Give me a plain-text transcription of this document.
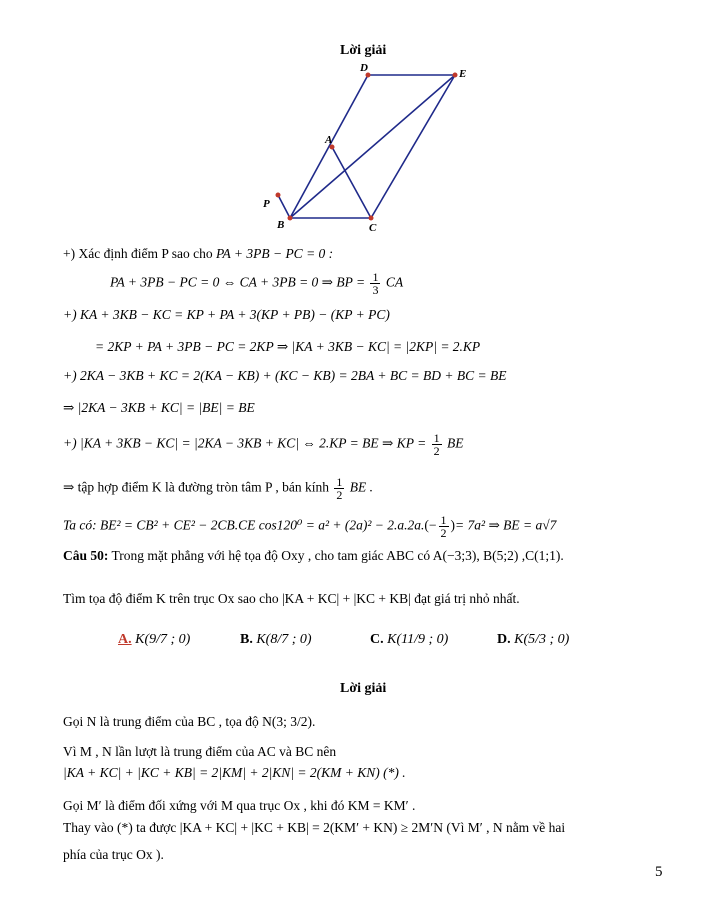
Lời giải
D	E
A
P
B	C
+) Xác định điểm P sao cho PA + 3PB − PC = 0 :
PA + 3PB − PC = 0 ⇔ CA + 3PB = 0 ⇒ BP = $\frac{1}{3}$ CA
+) KA + 3KB − KC = KP + PA + 3(KP + PB) − (KP + PC)
= 2KP + PA + 3PB − PC = 2KP ⇒ |KA + 3KB − KC| = |2KP| = 2.KP
+) 2KA − 3KB + KC = 2(KA − KB) + (KC − KB) = 2BA + BC = BD + BC = BE
⇒ |2KA − 3KB + KC| = |BE| = BE
+) |KA + 3KB − KC| = |2KA − 3KB + KC| ⇔ 2.KP = BE ⇒ KP = $\frac{1}{2}$ BE
⇒ tập hợp điểm K là đường tròn tâm P , bán kính $\frac{1}{2}$ BE .
Ta có: BE² = CB² + CE² − 2CB.CE $\cos 120^0 = a^2 + (2a)^2 - 2.a.2a.(- \frac{1}{2}$ )= 7a² ⇒ BE = a√7
Câu 50: Trong mặt phẳng với hệ tọa độ Oxy , cho tam giác ABC có A(−3;3), B(5;2) ,C(1;1).
Tìm tọa độ điểm K trên trục Ox sao cho |KA + KC| + |KC + KB| đạt giá trị nhỏ nhất.
A. K(9/7 ; 0)	B. K(8/7 ; 0)	C. K(11/9 ; 0)	D. K(5/3 ; 0)
Lời giải
Gọi N là trung điểm của BC , tọa độ N(3; 3/2).
Vì M , N lần lượt là trung điểm của AC và BC nên
|KA + KC| + |KC + KB| = 2|KM| + 2|KN| = 2(KM + KN) (*) .
Gọi M′ là điểm đối xứng với M qua trục Ox , khi đó KM = KM′ .
Thay vào (*) ta được |KA + KC| + |KC + KB| = 2(KM′ + KN) ≥ 2M′N (Vì M′ , N nằm về hai
phía của trục Ox ).
5
